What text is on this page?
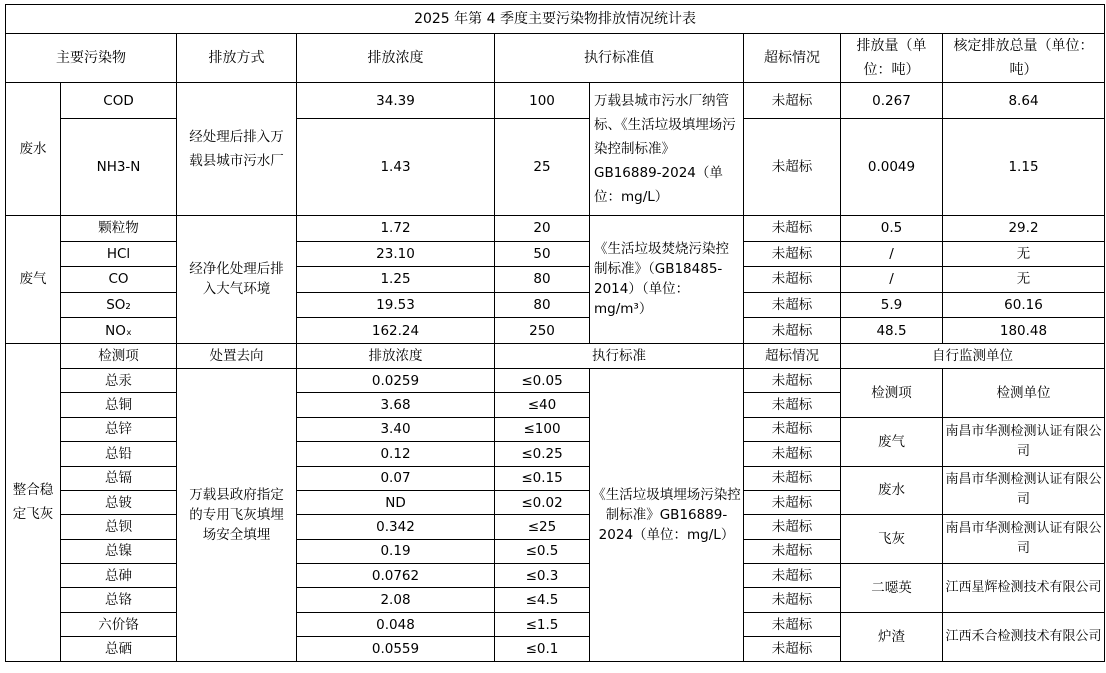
2025 年第 4 季度主要污染物排放情况统计表								
主要污染物		排放方式	排放浓度	执行标准值		超标情况	排放量（单位：吨）	核定排放总量（单位：吨）
废水	COD	经处理后排入万载县城市污水厂	34.39	100	万载县城市污水厂纳管标、《生活垃圾填埋场污染控制标准》GB16889-2024（单位：mg/L）	未超标	0.267	8.64
	NH3-N		1.43	25		未超标	0.0049	1.15
废气	颗粒物	经净化处理后排入大气环境	1.72	20	《生活垃圾焚烧污染控制标准》（GB18485-2014）（单位：mg/m³）	未超标	0.5	29.2
	HCl		23.10	50		未超标	/	无
	CO		1.25	80		未超标	/	无
	SO₂		19.53	80		未超标	5.9	60.16
	NOₓ		162.24	250		未超标	48.5	180.48
整合稳定飞灰	检测项	处置去向	排放浓度	执行标准		超标情况	自行监测单位	
	总汞	万载县政府指定的专用飞灰填埋场安全填埋	0.0259	≤0.05	《生活垃圾填埋场污染控制标准》GB16889-2024（单位：mg/L）	未超标	检测项	检测单位
	总铜		3.68	≤40		未超标		
	总锌		3.40	≤100		未超标	废气	南昌市华测检测认证有限公司
	总铅		0.12	≤0.25		未超标		
	总镉		0.07	≤0.15		未超标	废水	南昌市华测检测认证有限公司
	总铍		ND	≤0.02		未超标		
	总钡		0.342	≤25		未超标	飞灰	南昌市华测检测认证有限公司
	总镍		0.19	≤0.5		未超标		
	总砷		0.0762	≤0.3		未超标	二噁英	江西星辉检测技术有限公司
	总铬		2.08	≤4.5		未超标		
	六价铬		0.048	≤1.5		未超标	炉渣	江西禾合检测技术有限公司
	总硒		0.0559	≤0.1		未超标		
